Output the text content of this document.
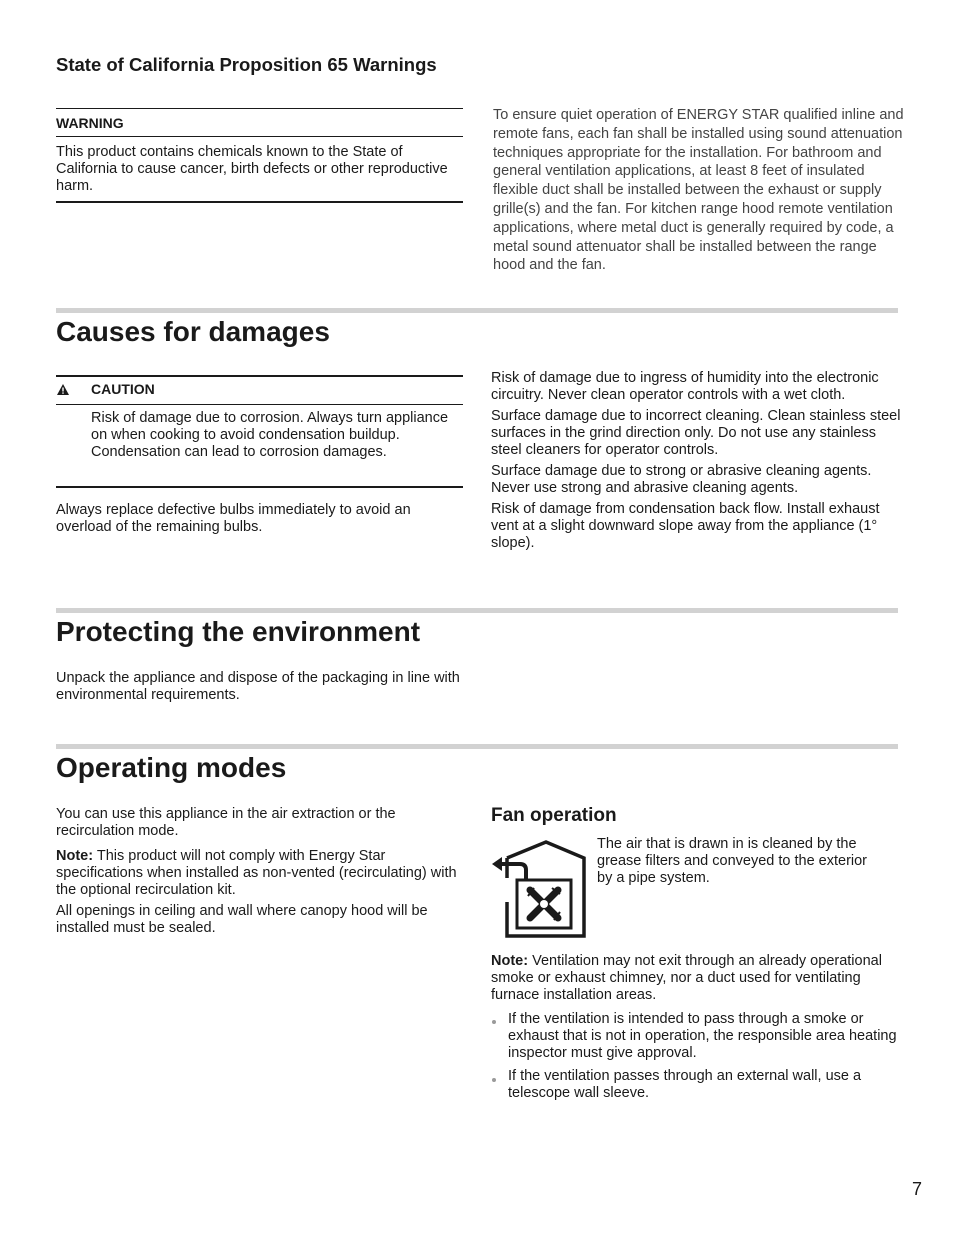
State of California Proposition 65 Warnings

WARNING

This product contains chemicals known to the State of California to cause cancer, birth defects or other reproductive harm.

To ensure quiet operation of ENERGY STAR qualified inline and remote fans, each fan shall be installed using sound attenuation techniques appropriate for the installation. For bathroom and general ventilation applications, at least 8 feet of insulated flexible duct shall be installed between the exhaust or supply grille(s) and the fan. For kitchen range hood remote ventilation applications, where metal duct is generally required by code, a metal sound attenuator shall be installed between the range hood and the fan.

Causes for damages

CAUTION

Risk of damage due to corrosion. Always turn appliance on when cooking to avoid condensation buildup. Condensation can lead to corrosion damages.

Always replace defective bulbs immediately to avoid an overload of the remaining bulbs.

Risk of damage due to ingress of humidity into the electronic circuitry. Never clean operator controls with a wet cloth.

Surface damage due to incorrect cleaning. Clean stainless steel surfaces in the grind direction only. Do not use any stainless steel cleaners for operator controls.

Surface damage due to strong or abrasive cleaning agents. Never use strong and abrasive cleaning agents.

Risk of damage from condensation back flow. Install exhaust vent at a slight downward slope away from the appliance (1° slope).

Protecting the environment

Unpack the appliance and dispose of the packaging in line with environmental requirements.

Operating modes

You can use this appliance in the air extraction or the recirculation mode.

Note: This product will not comply with Energy Star specifications when installed as non-vented (recirculating) with the optional recirculation kit.

All openings in ceiling and wall where canopy hood will be installed must be sealed.

Fan operation

The air that is drawn in is cleaned by the grease filters and conveyed to the exterior by a pipe system.

Note: Ventilation may not exit through an already operational smoke or exhaust chimney, nor a duct used for ventilating furnace installation areas.

If the ventilation is intended to pass through a smoke or exhaust that is not in operation, the responsible area heating inspector must give approval.

If the ventilation passes through an external wall, use a telescope wall sleeve.

7
